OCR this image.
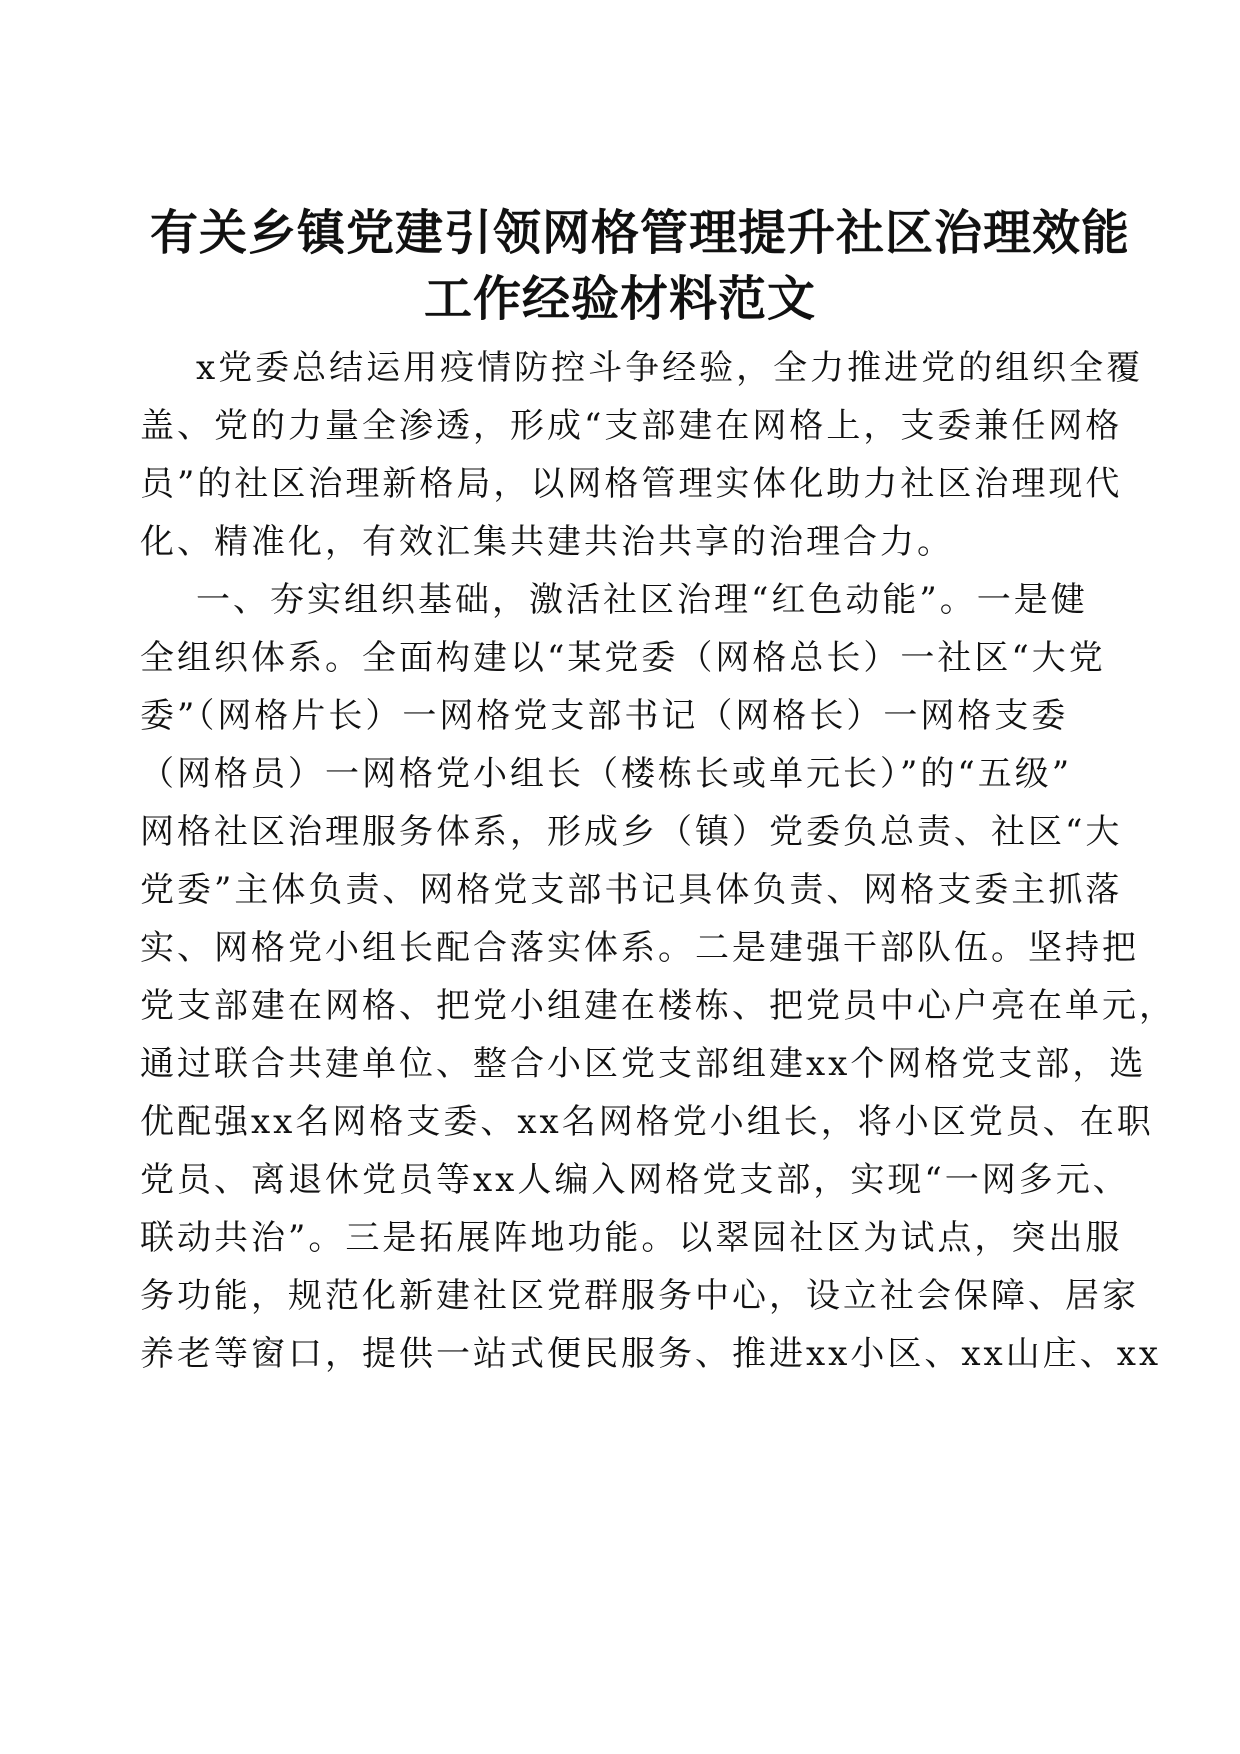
有关乡镇党建引领网格管理提升社区治理效能
工作经验材料范文
x党委总结运用疫情防控斗争经验，全力推进党的组织全覆
盖、党的力量全渗透，形成“支部建在网格上，支委兼任网格
员”的社区治理新格局，以网格管理实体化助力社区治理现代
化、精准化，有效汇集共建共治共享的治理合力。
一、夯实组织基础，激活社区治理“红色动能”。一是健
全组织体系。全面构建以“某党委（网格总长）一社区“大党
委”（网格片长）一网格党支部书记（网格长）一网格支委
（网格员）一网格党小组长（楼栋长或单元长）”的“五级”
网格社区治理服务体系，形成乡（镇）党委负总责、社区“大
党委”主体负责、网格党支部书记具体负责、网格支委主抓落
实、网格党小组长配合落实体系。二是建强干部队伍。坚持把
党支部建在网格、把党小组建在楼栋、把党员中心户亮在单元，
通过联合共建单位、整合小区党支部组建xx个网格党支部，选
优配强xx名网格支委、xx名网格党小组长，将小区党员、在职
党员、离退休党员等xx人编入网格党支部，实现“一网多元、
联动共治”。三是拓展阵地功能。以翠园社区为试点，突出服
务功能，规范化新建社区党群服务中心，设立社会保障、居家
养老等窗口，提供一站式便民服务、推进xx小区、xx山庄、xx
